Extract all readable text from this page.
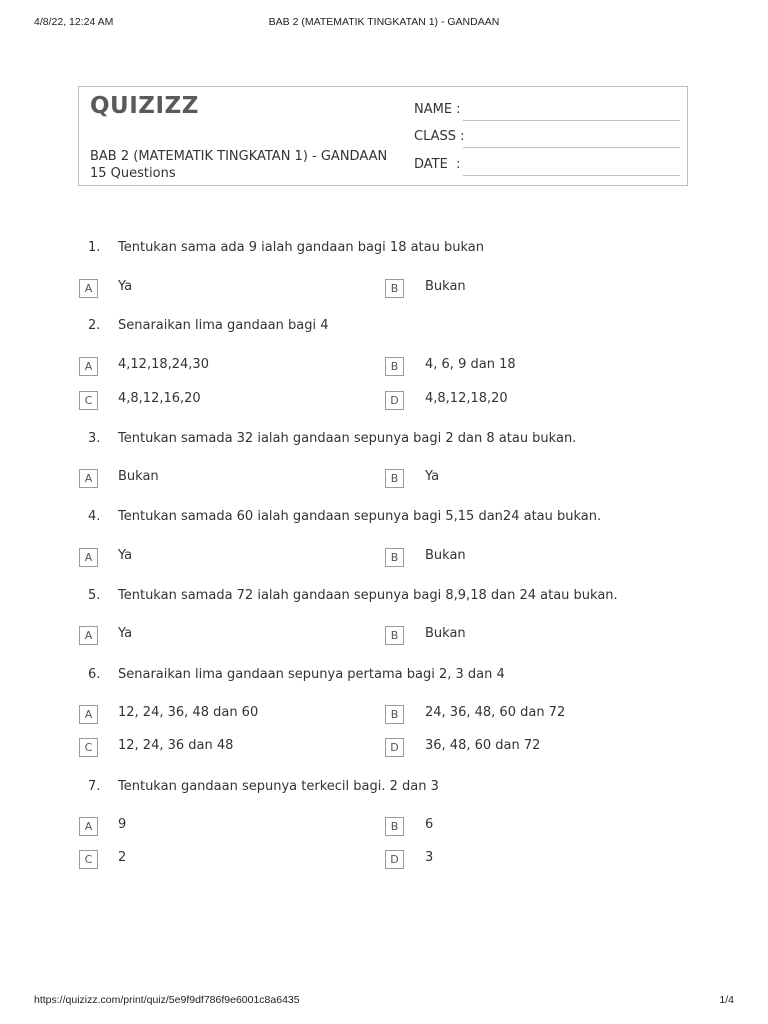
4/8/22, 12:24 AM	BAB 2 (MATEMATIK TINGKATAN 1) - GANDAAN
QUIZIZZ
BAB 2 (MATEMATIK TINGKATAN 1) - GANDAAN
15 Questions
NAME :
CLASS :
DATE  :
1. Tentukan sama ada 9 ialah gandaan bagi 18 atau bukan
A	Ya	B	Bukan
2. Senaraikan lima gandaan bagi 4
A	4,12,18,24,30	B	4, 6, 9 dan 18
C	4,8,12,16,20	D	4,8,12,18,20
3. Tentukan samada 32 ialah gandaan sepunya bagi 2 dan 8 atau bukan.
A	Bukan	B	Ya
4. Tentukan samada 60 ialah gandaan sepunya bagi 5,15 dan24 atau bukan.
A	Ya	B	Bukan
5. Tentukan samada 72 ialah gandaan sepunya bagi 8,9,18 dan 24 atau bukan.
A	Ya	B	Bukan
6. Senaraikan lima gandaan sepunya pertama bagi 2, 3 dan 4
A	12, 24, 36, 48 dan 60	B	24, 36, 48, 60 dan 72
C	12, 24, 36 dan 48	D	36, 48, 60 dan 72
7. Tentukan gandaan sepunya terkecil bagi. 2 dan 3
A	9	B	6
C	2	D	3
https://quizizz.com/print/quiz/5e9f9df786f9e6001c8a6435	1/4
